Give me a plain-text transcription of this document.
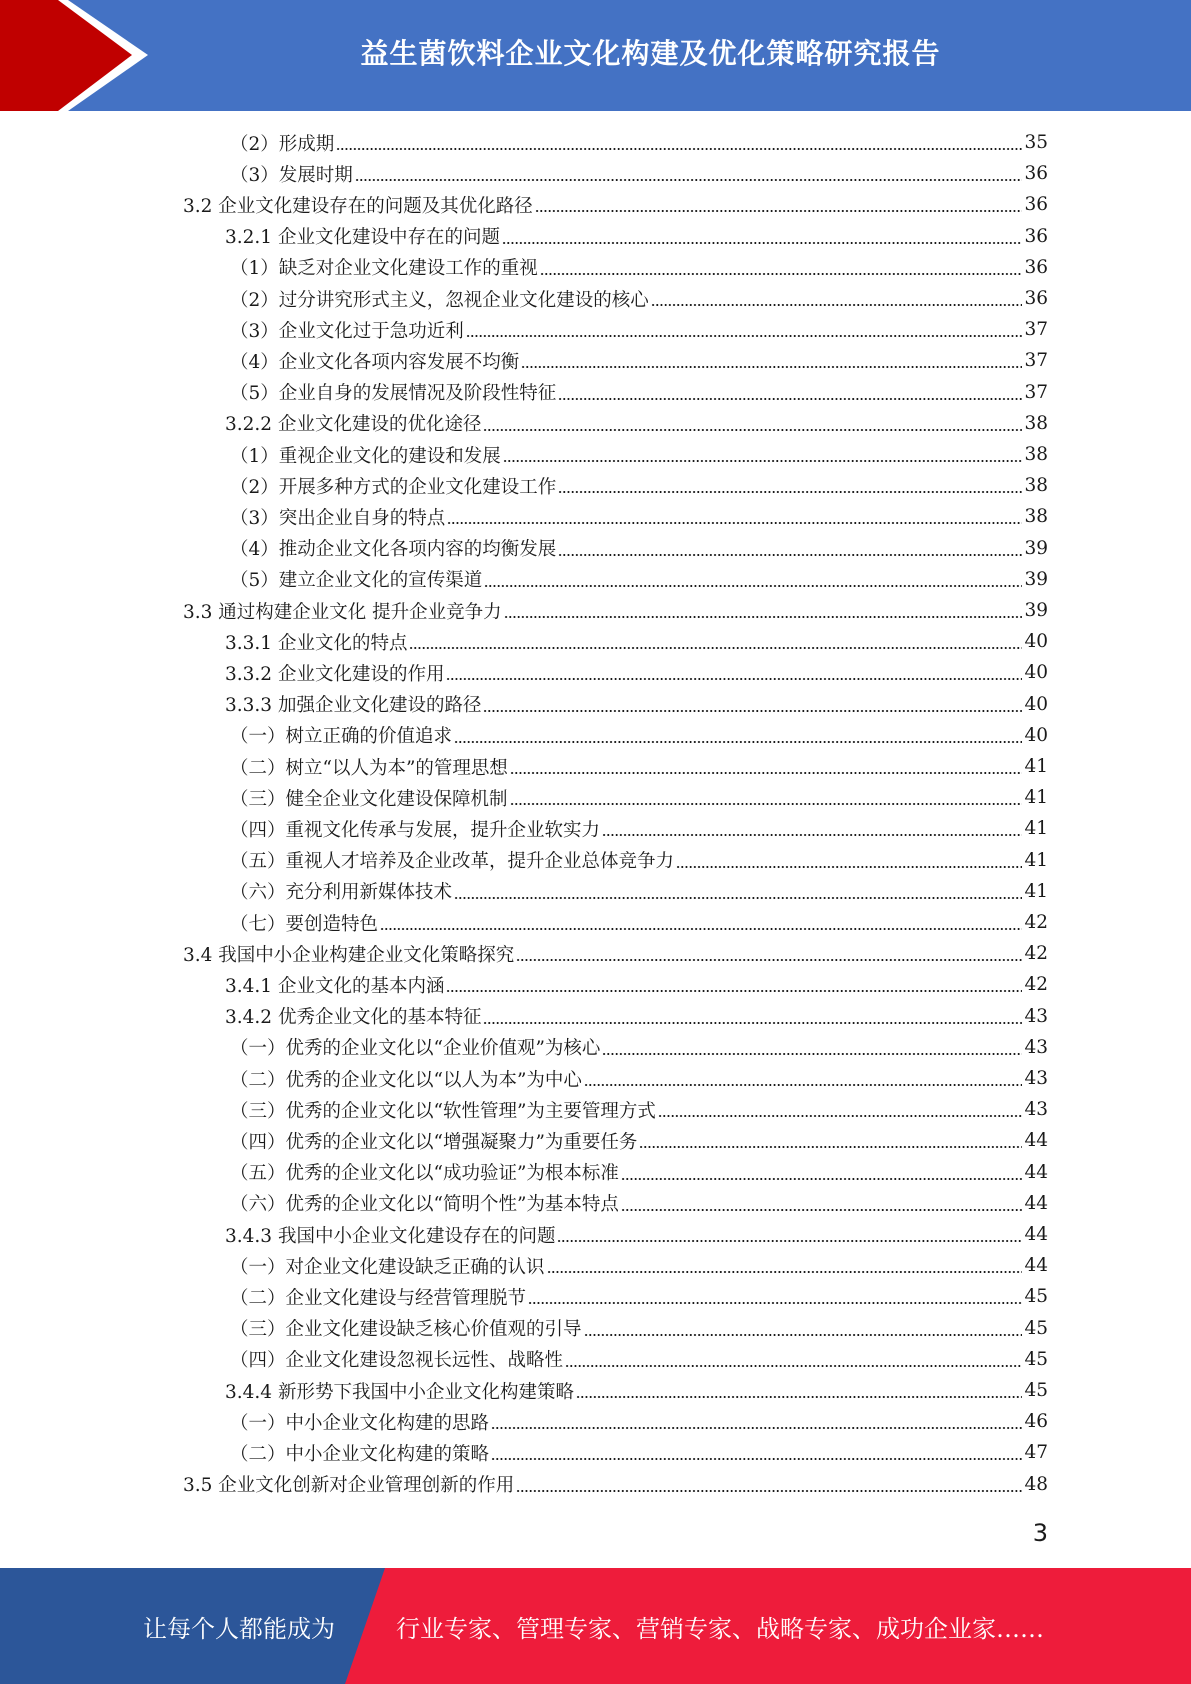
益生菌饮料企业文化构建及优化策略研究报告
（2）形成期	35
（3）发展时期	36
3.2 企业文化建设存在的问题及其优化路径	36
3.2.1 企业文化建设中存在的问题	36
（1）缺乏对企业文化建设工作的重视	36
（2）过分讲究形式主义，忽视企业文化建设的核心	36
（3）企业文化过于急功近利	37
（4）企业文化各项内容发展不均衡	37
（5）企业自身的发展情况及阶段性特征	37
3.2.2 企业文化建设的优化途径	38
（1）重视企业文化的建设和发展	38
（2）开展多种方式的企业文化建设工作	38
（3）突出企业自身的特点	38
（4）推动企业文化各项内容的均衡发展	39
（5）建立企业文化的宣传渠道	39
3.3 通过构建企业文化 提升企业竞争力	39
3.3.1 企业文化的特点	40
3.3.2 企业文化建设的作用	40
3.3.3 加强企业文化建设的路径	40
（一）树立正确的价值追求	40
（二）树立“以人为本”的管理思想	41
（三）健全企业文化建设保障机制	41
（四）重视文化传承与发展，提升企业软实力	41
（五）重视人才培养及企业改革，提升企业总体竞争力	41
（六）充分利用新媒体技术	41
（七）要创造特色	42
3.4 我国中小企业构建企业文化策略探究	42
3.4.1 企业文化的基本内涵	42
3.4.2 优秀企业文化的基本特征	43
（一）优秀的企业文化以“企业价值观”为核心	43
（二）优秀的企业文化以“以人为本”为中心	43
（三）优秀的企业文化以“软性管理”为主要管理方式	43
（四）优秀的企业文化以“增强凝聚力”为重要任务	44
（五）优秀的企业文化以“成功验证”为根本标准	44
（六）优秀的企业文化以“简明个性”为基本特点	44
3.4.3 我国中小企业文化建设存在的问题	44
（一）对企业文化建设缺乏正确的认识	44
（二）企业文化建设与经营管理脱节	45
（三）企业文化建设缺乏核心价值观的引导	45
（四）企业文化建设忽视长远性、战略性	45
3.4.4 新形势下我国中小企业文化构建策略	45
（一）中小企业文化构建的思路	46
（二）中小企业文化构建的策略	47
3.5 企业文化创新对企业管理创新的作用	48
3
让每个人都能成为	行业专家、管理专家、营销专家、战略专家、成功企业家……
